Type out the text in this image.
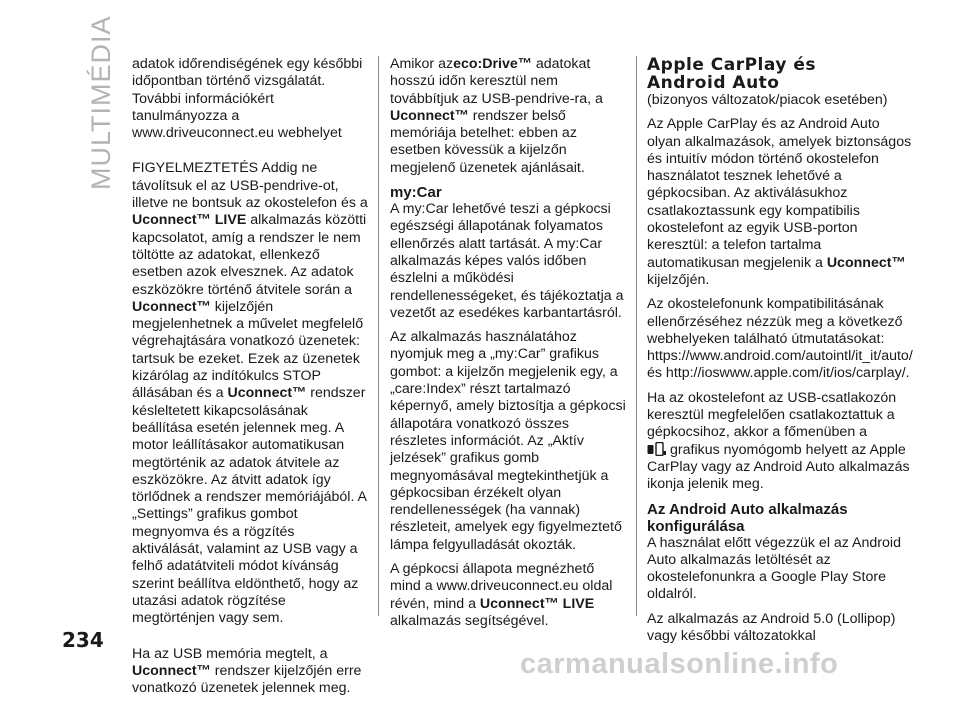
MULTIMÉDIA adatok időrendiségének egy későbbi időpontban történő vizsgálatát. További információkért tanulmányozza a www.driveuconnect.eu webhelyet

FIGYELMEZTETÉS Addig ne távolítsuk el az USB-pendrive-ot, illetve ne bontsuk az okostelefon és a Uconnect™ LIVE alkalmazás közötti kapcsolatot, amíg a rendszer le nem töltötte az adatokat, ellenkező esetben azok elvesznek. Az adatok eszközökre történő átvitele során a Uconnect™ kijelzőjén megjelenhetnek a művelet megfelelő végrehajtására vonatkozó üzenetek: tartsuk be ezeket. Ezek az üzenetek kizárólag az indítókulcs STOP állásában és a Uconnect™ rendszer késleltetett kikapcsolásának beállítása esetén jelennek meg. A motor leállításakor automatikusan megtörténik az adatok átvitele az eszközökre. Az átvitt adatok így törlődnek a rendszer memóriájából. A „Settings” grafikus gombot megnyomva és a rögzítés aktiválását, valamint az USB vagy a felhő adatátviteli módot kívánság szerint beállítva eldönthető, hogy az utazási adatok rögzítése megtörténjen vagy sem.

Ha az USB memória megtelt, a Uconnect™ rendszer kijelzőjén erre vonatkozó üzenetek jelennek meg.

Amikor azeco:Drive™ adatokat hosszú időn keresztül nem továbbítjuk az USB-pendrive-ra, a Uconnect™ rendszer belső memóriája betelhet: ebben az esetben kövessük a kijelzőn megjelenő üzenetek ajánlásait.

my:Car

A my:Car lehetővé teszi a gépkocsi egészségi állapotának folyamatos ellenőrzés alatt tartását. A my:Car alkalmazás képes valós időben észlelni a működési rendellenességeket, és tájékoztatja a vezetőt az esedékes karbantartásról.

Az alkalmazás használatához nyomjuk meg a „my:Car” grafikus gombot: a kijelzőn megjelenik egy, a „care:Index” részt tartalmazó képernyő, amely biztosítja a gépkocsi állapotára vonatkozó összes részletes információt. Az „Aktív jelzések” grafikus gomb megnyomásával megtekinthetjük a gépkocsiban érzékelt olyan rendellenességek (ha vannak) részleteit, amelyek egy figyelmeztető lámpa felgyulladását okozták.

A gépkocsi állapota megnézhető mind a www.driveuconnect.eu oldal révén, mind a Uconnect™ LIVE alkalmazás segítségével.

Apple CarPlay és
Android Auto

(bizonyos változatok/piacok esetében)

Az Apple CarPlay és az Android Auto olyan alkalmazások, amelyek biztonságos és intuitív módon történő okostelefon használatot tesznek lehetővé a gépkocsiban. Az aktiválásukhoz csatlakoztassunk egy kompatibilis okostelefont az egyik USB-porton keresztül: a telefon tartalma automatikusan megjelenik a Uconnect™ kijelzőjén.

Az okostelefonunk kompatibilitásának ellenőrzéséhez nézzük meg a következő webhelyeken található útmutatásokat: https://www.android.com/autointl/it_it/auto/ és http://ioswww.apple.com/it/ios/carplay/.

Ha az okostelefont az USB-csatlakozón keresztül megfelelően csatlakoztattuk a gépkocsihoz, akkor a főmenüben a
grafikus nyomógomb helyett az Apple CarPlay vagy az Android Auto alkalmazás ikonja jelenik meg.

Az Android Auto alkalmazás
konfigurálása

A használat előtt végezzük el az Android Auto alkalmazás letöltését az okostelefonunkra a Google Play Store oldalról.

Az alkalmazás az Android 5.0 (Lollipop) vagy későbbi változatokkal

234
carmanualsonline.info
